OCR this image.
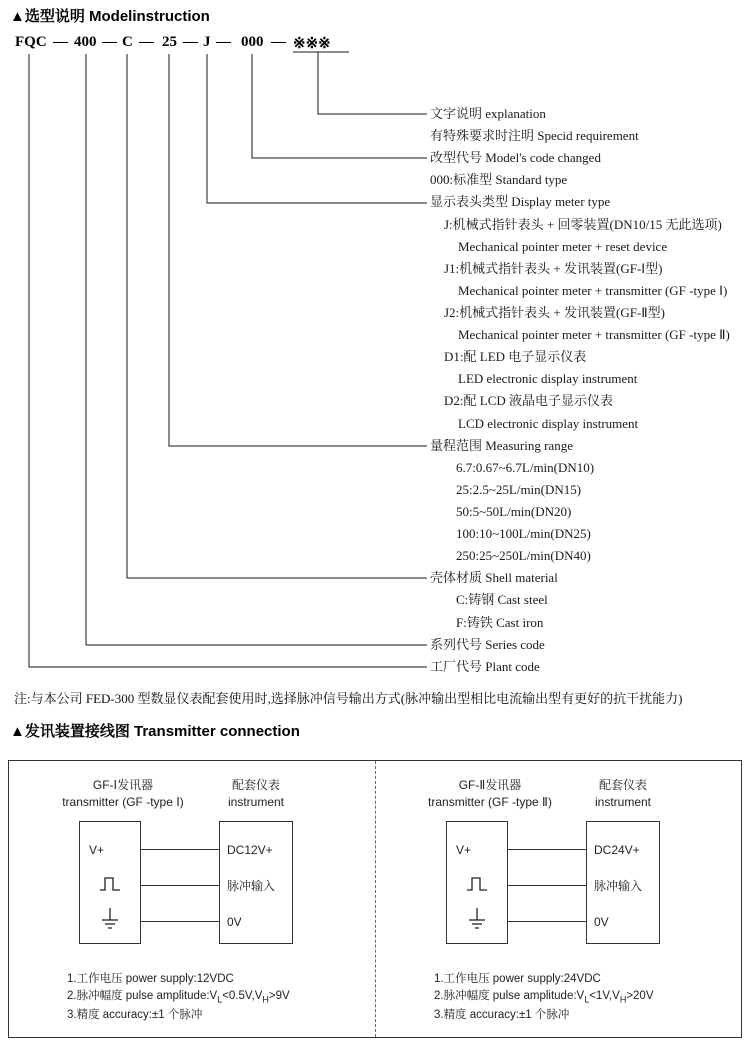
▲选型说明 Modelinstruction
FQC — 400 — C — 25 — J — 000 — ※※※
文字说明 explanation
有特殊要求时注明 Specid requirement
改型代号 Model's code changed
000:标准型 Standard type
显示表头类型 Display meter type
J:机械式指针表头 + 回零装置(DN10/15 无此选项)
Mechanical pointer meter + reset device
J1:机械式指针表头 + 发讯装置(GF-Ⅰ型)
Mechanical pointer meter + transmitter (GF -type Ⅰ)
J2:机械式指针表头 + 发讯装置(GF-Ⅱ型)
Mechanical pointer meter + transmitter (GF -type Ⅱ)
D1:配 LED 电子显示仪表
LED electronic display instrument
D2:配 LCD 液晶电子显示仪表
LCD electronic display instrument
量程范围 Measuring range
6.7:0.67~6.7L/min(DN10)
25:2.5~25L/min(DN15)
50:5~50L/min(DN20)
100:10~100L/min(DN25)
250:25~250L/min(DN40)
壳体材质 Shell material
C:铸钢 Cast steel
F:铸铁 Cast iron
系列代号 Series code
工厂代号 Plant code
注:与本公司 FED-300 型数显仪表配套使用时,选择脉冲信号输出方式(脉冲输出型相比电流输出型有更好的抗干扰能力)
▲发讯装置接线图 Transmitter connection
GF-Ⅰ发讯器
transmitter (GF -type Ⅰ)
配套仪表
instrument
V+	DC12V+
脉冲输入
0V
1.工作电压 power supply:12VDC
2.脉冲幅度 pulse $amplitude:V_L<0.5V,V_H>9V$
3.精度 accuracy:±1 个脉冲
GF-Ⅱ发讯器
transmitter (GF -type Ⅱ)
配套仪表
instrument
V+	DC24V+
脉冲输入
0V
1.工作电压 power supply:24VDC
2.脉冲幅度 pulse $amplitude:V_L<1V,V_H>20V$
3.精度 accuracy:±1 个脉冲
